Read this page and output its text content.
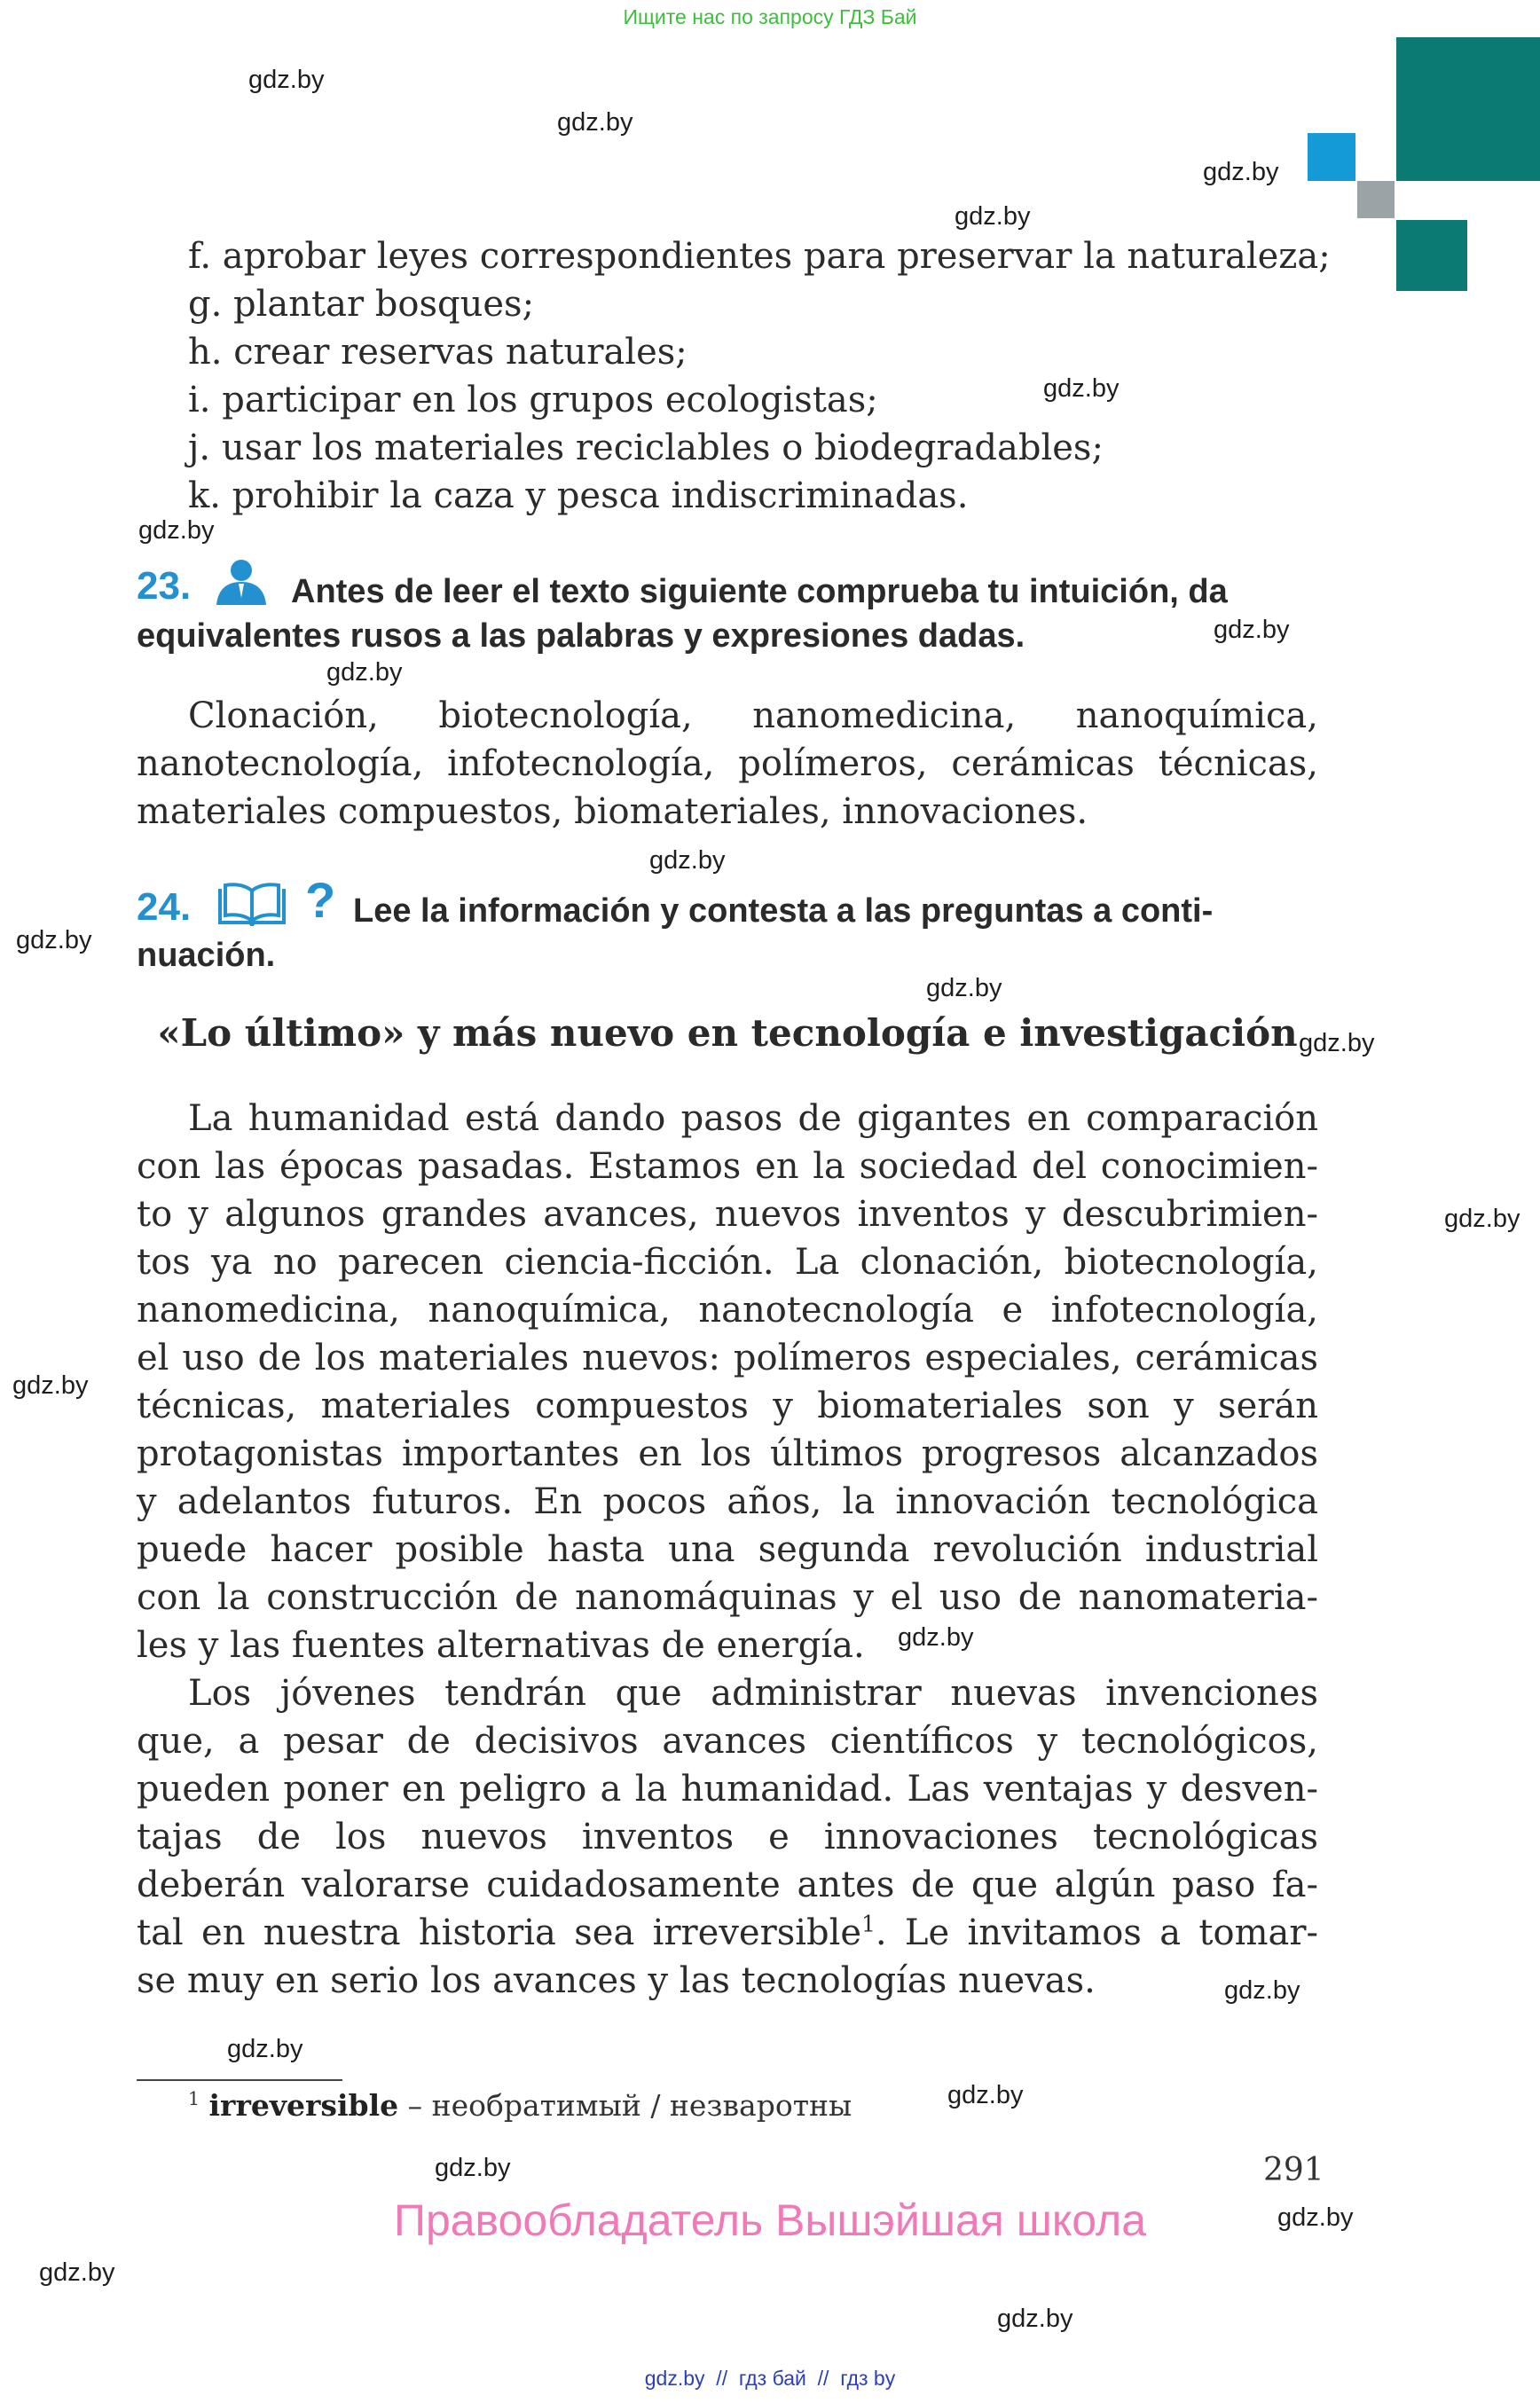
Ищите нас по запросу ГДЗ Бай
gdz.by
gdz.by
gdz.by
gdz.by
gdz.by
gdz.by
gdz.by
gdz.by
gdz.by
gdz.by
gdz.by
gdz.by
gdz.by
gdz.by
gdz.by
gdz.by
gdz.by
gdz.by
gdz.by
gdz.by
gdz.by
gdz.by
f. aprobar leyes correspondientes para preservar la naturaleza;
g. plantar bosques;
h. crear reservas naturales;
i. participar en los grupos ecologistas;
j. usar los materiales reciclables o biodegradables;
k. prohibir la caza y pesca indiscriminadas.
23.	Antes de leer el texto siguiente comprueba tu intuición, da
equivalentes rusos a las palabras y expresiones dadas.
Clonación, biotecnología, nanomedicina, nanoquímica,
nanotecnología, infotecnología, polímeros, cerámicas técnicas,
materiales compuestos, biomateriales, innovaciones.
24. ? Lee la información y contesta a las preguntas a conti-
nuación.
«Lo último» y más nuevo en tecnología e investigación
La humanidad está dando pasos de gigantes en comparación
con las épocas pasadas. Estamos en la sociedad del conocimien-
to y algunos grandes avances, nuevos inventos y descubrimien-
tos ya no parecen ciencia-ficción. La clonación, biotecnología,
nanomedicina, nanoquímica, nanotecnología e infotecnología,
el uso de los materiales nuevos: polímeros especiales, cerámicas
técnicas, materiales compuestos y biomateriales son y serán
protagonistas importantes en los últimos progresos alcanzados
y adelantos futuros. En pocos años, la innovación tecnológica
puede hacer posible hasta una segunda revolución industrial
con la construcción de nanomáquinas y el uso de nanomateria-
les y las fuentes alternativas de energía.
Los jóvenes tendrán que administrar nuevas invenciones
que, a pesar de decisivos avances científicos y tecnológicos,
pueden poner en peligro a la humanidad. Las ventajas y desven-
tajas de los nuevos inventos e innovaciones tecnológicas
deberán valorarse cuidadosamente antes de que algún paso fa-
tal en nuestra historia sea irreversible$^1$. Le invitamos a tomar-
se muy en serio los avances y las tecnologías nuevas.
$^1$ irreversible – необратимый / незваротны
291
Правообладатель Вышэйшая школа
gdz.by  //  гдз бай  //  гдз by
